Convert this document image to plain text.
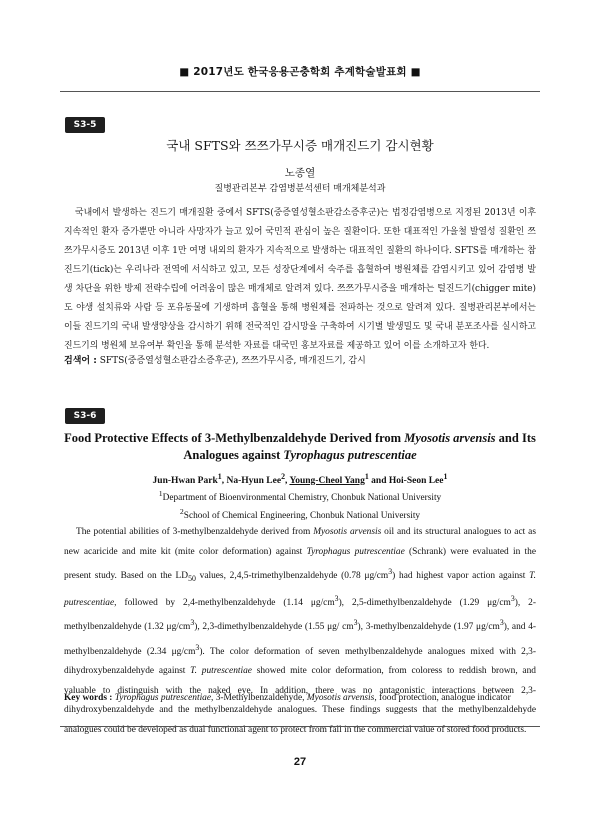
■ 2017년도 한국응용곤충학회 추계학술발표회 ■
S3-5
국내 SFTS와 쯔쯔가무시증 매개진드기 감시현황
노종열
질병관리본부 감염병분석센터 매개체분석과
국내에서 발생하는 진드기 매개질환 중에서 SFTS(중증열성혈소판감소증후군)는 법정감염병으로 지정된 2013년 이후 지속적인 환자 증가뿐만 아니라 사망자가 늘고 있어 국민적 관심이 높은 질환이다. 또한 대표적인 가을철 발열성 질환인 쯔쯔가무시증도 2013년 이후 1만 여명 내외의 환자가 지속적으로 발생하는 대표적인 질환의 하나이다. SFTS를 매개하는 참진드기(tick)는 우리나라 전역에 서식하고 있고, 모든 성장단계에서 숙주를 흡혈하여 병원체를 감염시키고 있어 감염병 발생 차단을 위한 방제 전략수립에 어려움이 많은 매개체로 알려져 있다. 쯔쯔가무시증을 매개하는 털진드기(chigger mite)도 야생 설치류와 사람 등 포유동물에 기생하며 흡혈을 통해 병원체를 전파하는 것으로 알려져 있다. 질병관리본부에서는 이들 진드기의 국내 발생양상을 감시하기 위해 전국적인 감시망을 구축하여 시기별 발생밀도 및 국내 분포조사를 실시하고 진드기의 병원체 보유여부 확인을 통해 분석한 자료를 대국민 홍보자료를 제공하고 있어 이를 소개하고자 한다.
검색어 : SFTS(중증열성혈소판감소증후군), 쯔쯔가무시증, 매개진드기, 감시
S3-6
Food Protective Effects of 3-Methylbenzaldehyde Derived from Myosotis arvensis and Its
Analogues against Tyrophagus putrescentiae
Jun-Hwan Park$^1$, Na-Hyun Lee$^2$, Young-Cheol Yang$^1$ and Hoi-Seon Lee$^1$
$^1$Department of Bioenvironmental Chemistry, Chonbuk National University
$^2$School of Chemical Engineering, Chonbuk National University
The potential abilities of 3-methylbenzaldehyde derived from Myosotis arvensis oil and its structural analogues to act as new acaricide and mite kit (mite color deformation) against Tyrophagus putrescentiae (Schrank) were evaluated in the present study. Based on the $LD_{50}$ values, 2,4,5-trimethylbenzaldehyde (0.78 $\mu g/cm^3$) had highest vapor action against T. putrescentiae, followed by 2,4-methylbenzaldehyde (1.14 $\mu g/cm^3$), 2,5-dimethylbenzaldehyde (1.29 $\mu g/cm^3$), 2-methylbenzaldehyde (1.32 $\mu g/cm^3$), 2,3-dimethylbenzaldehyde (1.55 μg/ $cm^3$), 3-methylbenzaldehyde (1.97 $\mu g/cm^3$), and 4-methylbenzaldehyde (2.34 $\mu g/cm^3$). The color deformation of seven methylbenzaldehyde analogues mixed with 2,3-dihydroxybenzaldehyde against T. putrescentiae showed mite color deformation, from coloress to reddish brown, and valuable to distinguish with the naked eye. In addition, there was no antagonistic interactions between 2,3-dihydroxybenzaldehyde and the methylbenzaldehyde analogues. These findings suggests that the methylbenzaldehyde analogues could be developed as dual functional agent to protect from fall in the commercial value of stored food products.
Key words : Tyrophagus putrescentiae, 3-Methylbenzaldehyde, Myosotis arvensis, food protection, analogue indicator
27
